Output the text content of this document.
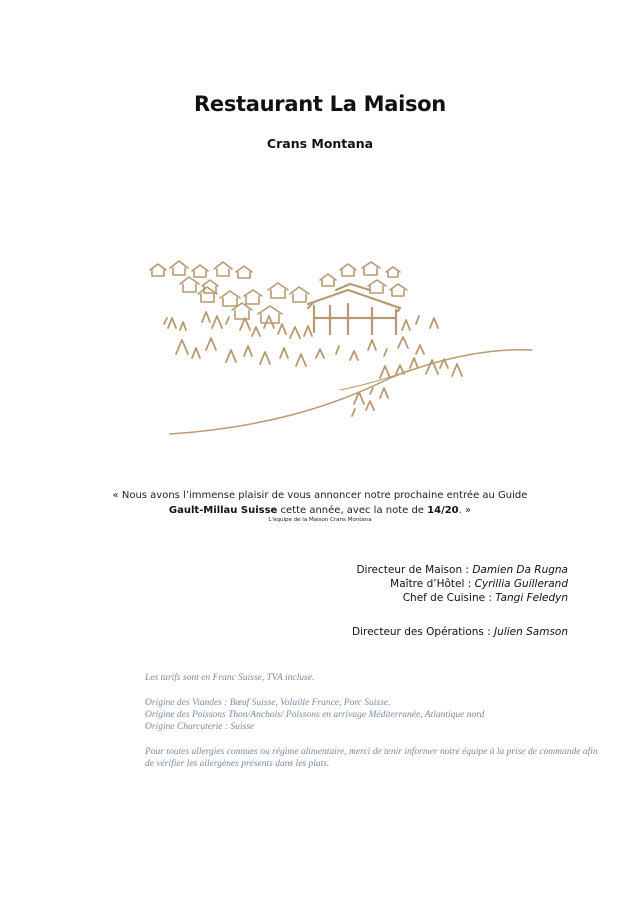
Restaurant La Maison
Crans Montana
« Nous avons l’immense plaisir de vous annoncer notre prochaine entrée au Guide
Gault-Millau Suisse cette année, avec la note de 14/20. »
L’équipe de la Maison Crans Montana
Directeur de Maison : Damien Da Rugna
Maître d’Hôtel : Cyrillia Guillerand
Chef de Cuisine : Tangi Feledyn
Directeur des Opérations : Julien Samson

Les tarifs sont en Franc Suisse, TVA incluse.

Origine des Viandes : Bœuf Suisse, Volaille France, Porc Suisse.

Origine des Poissons Thon/Anchois/ Poissons en arrivage Méditerranée, Atlantique nord

Origine Charcuterie : Suisse

Pour toutes allergies connues ou régime alimentaire, merci de tenir informer notre équipe à la prise de commande afin de vérifier les allergènes présents dans les plats.
